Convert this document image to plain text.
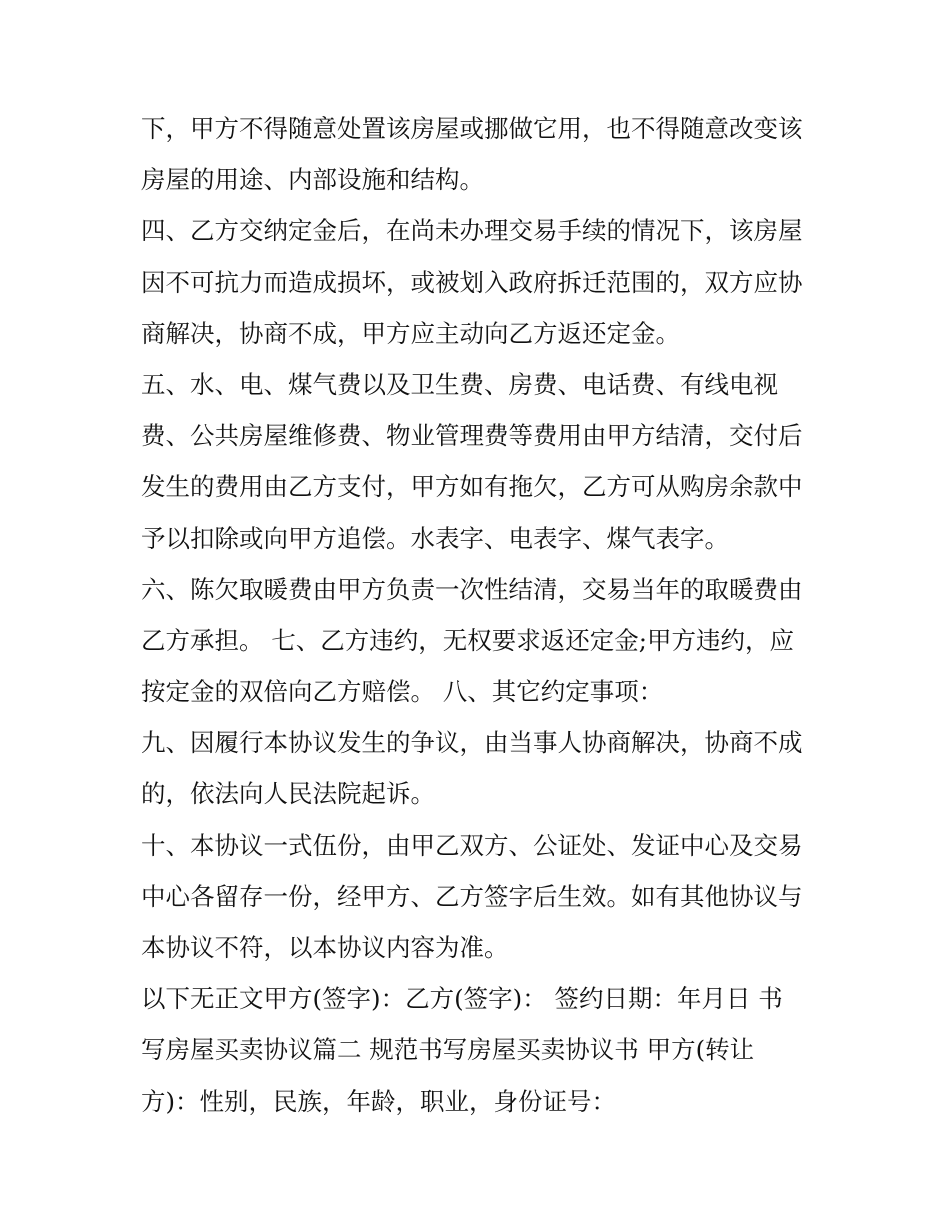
下，甲方不得随意处置该房屋或挪做它用，也不得随意改变该
房屋的用途、内部设施和结构。
四、乙方交纳定金后，在尚未办理交易手续的情况下，该房屋
因不可抗力而造成损坏，或被划入政府拆迁范围的，双方应协
商解决，协商不成，甲方应主动向乙方返还定金。
五、水、电、煤气费以及卫生费、房费、电话费、有线电视
费、公共房屋维修费、物业管理费等费用由甲方结清，交付后
发生的费用由乙方支付，甲方如有拖欠，乙方可从购房余款中
予以扣除或向甲方追偿。水表字、电表字、煤气表字。
六、陈欠取暖费由甲方负责一次性结清，交易当年的取暖费由
乙方承担。 七、乙方违约，无权要求返还定金;甲方违约，应
按定金的双倍向乙方赔偿。 八、其它约定事项：
九、因履行本协议发生的争议，由当事人协商解决，协商不成
的，依法向人民法院起诉。
十、本协议一式伍份，由甲乙双方、公证处、发证中心及交易
中心各留存一份，经甲方、乙方签字后生效。如有其他协议与
本协议不符，以本协议内容为准。
以下无正文甲方(签字)：乙方(签字)： 签约日期：年月日 书
写房屋买卖协议篇二 规范书写房屋买卖协议书 甲方(转让
方)：性别，民族，年龄，职业，身份证号：
